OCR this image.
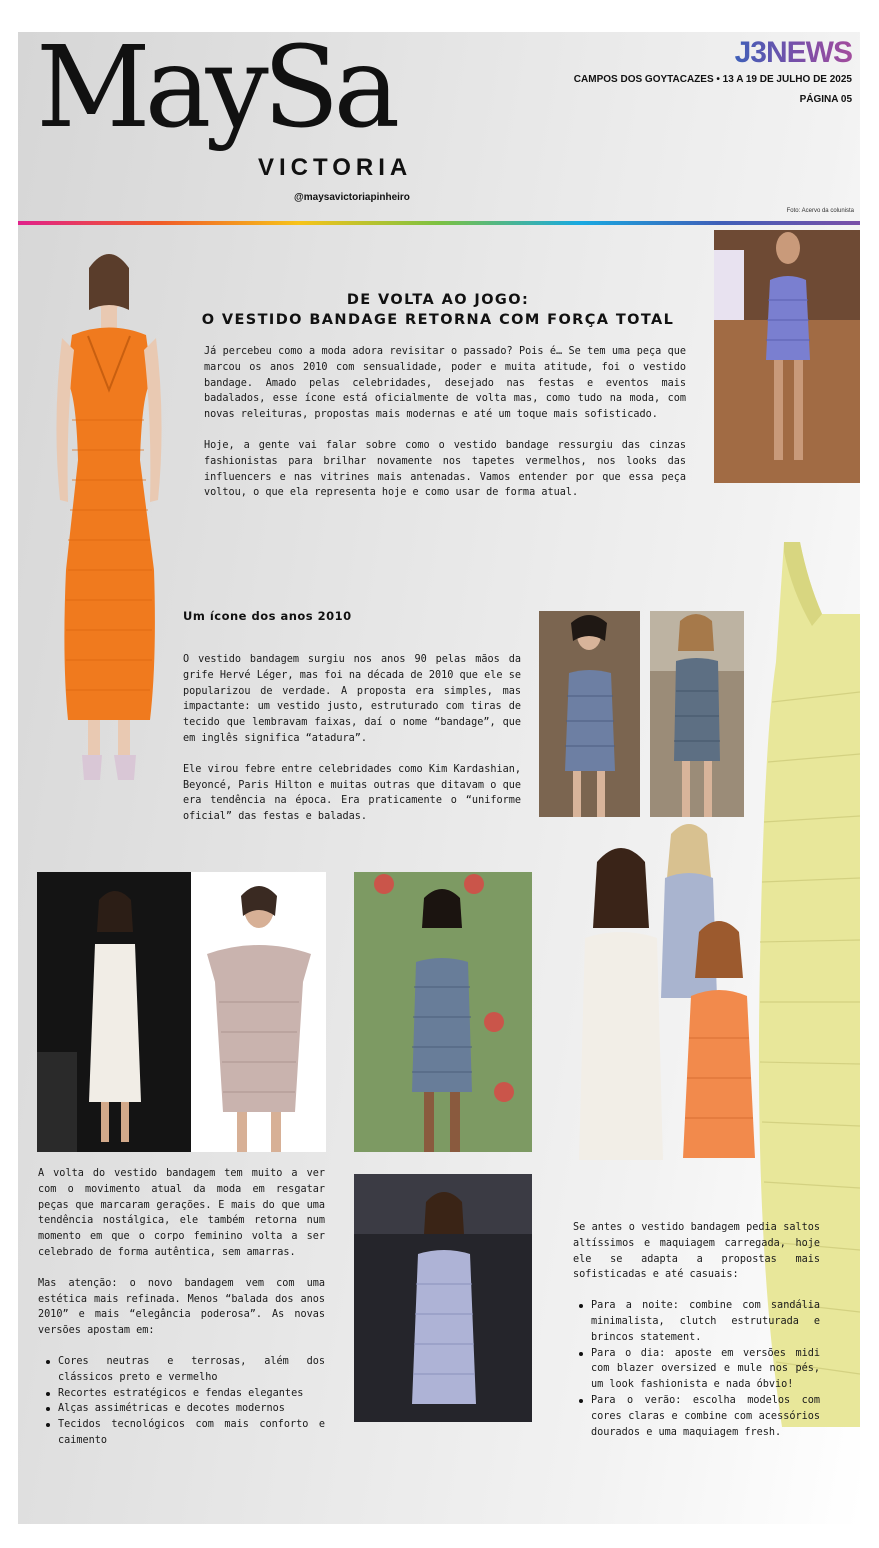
MaySa
VICTORIA
@maysavictoriapinheiro
J3NEWS
CAMPOS DOS GOYTACAZES • 13 A 19 DE JULHO DE 2025
PÁGINA 05
Foto: Acervo da colunista
DE VOLTA AO JOGO:
O VESTIDO BANDAGE RETORNA COM FORÇA TOTAL
Já percebeu como a moda adora revisitar o passado? Pois é… Se tem uma peça que marcou os anos 2010 com sensualidade, poder e muita atitude, foi o vestido bandage. Amado pelas celebridades, desejado nas festas e eventos mais badalados, esse ícone está oficialmente de volta mas, como tudo na moda, com novas releituras, propostas mais modernas e até um toque mais sofisticado.
Hoje, a gente vai falar sobre como o vestido bandage ressurgiu das cinzas fashionistas para brilhar novamente nos tapetes vermelhos, nos looks das influencers e nas vitrines mais antenadas. Vamos entender por que essa peça voltou, o que ela representa hoje e como usar de forma atual.
Um ícone dos anos 2010
O vestido bandagem surgiu nos anos 90 pelas mãos da grife Hervé Léger, mas foi na década de 2010 que ele se popularizou de verdade. A proposta era simples, mas impactante: um vestido justo, estruturado com tiras de tecido que lembravam faixas, daí o nome “bandage”, que em inglês significa “atadura”.
Ele virou febre entre celebridades como Kim Kardashian, Beyoncé, Paris Hilton e muitas outras que ditavam o que era tendência na época. Era praticamente o “uniforme oficial” das festas e baladas.
A volta do vestido bandagem tem muito a ver com o movimento atual da moda em resgatar peças que marcaram gerações. E mais do que uma tendência nostálgica, ele também retorna num momento em que o corpo feminino volta a ser celebrado de forma autêntica, sem amarras.
Mas atenção: o novo bandagem vem com uma estética mais refinada. Menos “balada dos anos 2010” e mais “elegância poderosa”. As novas versões apostam em:
Cores neutras e terrosas, além dos clássicos preto e vermelho
Recortes estratégicos e fendas elegantes
Alças assimétricas e decotes modernos
Tecidos tecnológicos com mais conforto e caimento
Se antes o vestido bandagem pedia saltos altíssimos e maquiagem carregada, hoje ele se adapta a propostas mais sofisticadas e até casuais:
Para a noite: combine com sandália minimalista, clutch estruturada e brincos statement.
Para o dia: aposte em versões midi com blazer oversized e mule nos pés, um look fashionista e nada óbvio!
Para o verão: escolha modelos com cores claras e combine com acessórios dourados e uma maquiagem fresh.
